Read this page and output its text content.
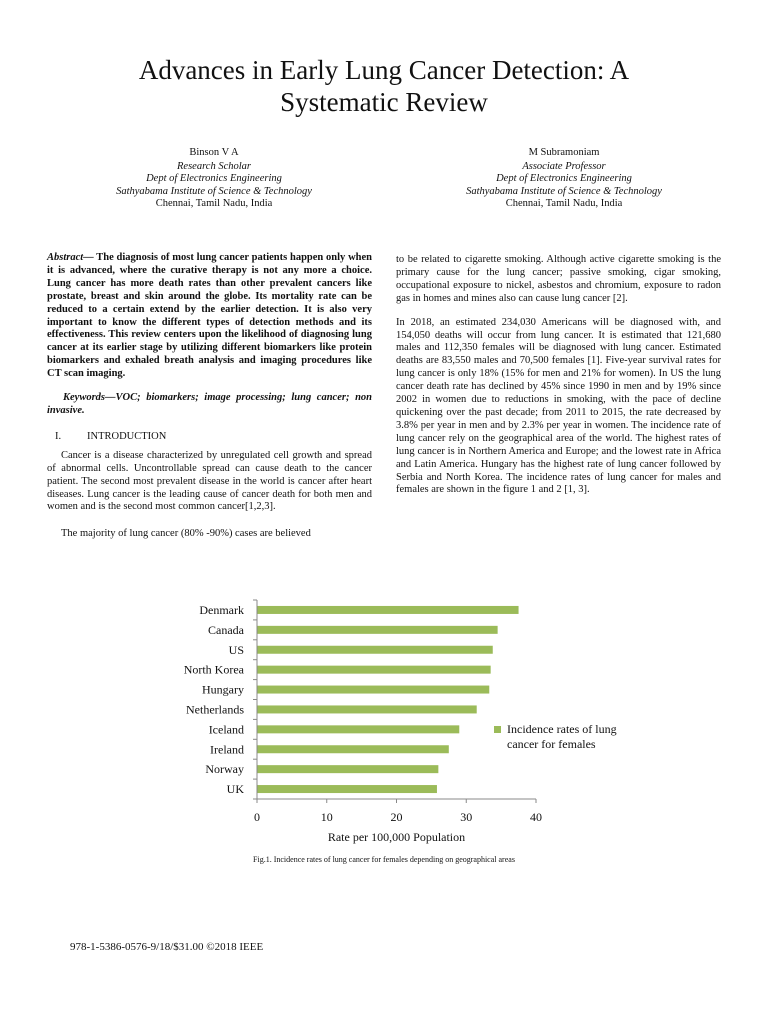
Advances in Early Lung Cancer Detection: A
Systematic Review
Binson V A
Research Scholar
Dept of Electronics Engineering
Sathyabama Institute of Science & Technology
Chennai, Tamil Nadu, India
M Subramoniam
Associate Professor
Dept of Electronics Engineering
Sathyabama Institute of Science & Technology
Chennai, Tamil Nadu, India

Abstract— The diagnosis of most lung cancer patients happen only when it is advanced, where the curative therapy is not any more a choice. Lung cancer has more death rates than other prevalent cancers like prostate, breast and skin around the globe. Its mortality rate can be reduced to a certain extend by the earlier detection. It is also very important to know the different types of detection methods and its effectiveness. This review centers upon the likelihood of diagnosing lung cancer at its earlier stage by utilizing different biomarkers like protein biomarkers and exhaled breath analysis and imaging procedures like CT scan imaging.

Keywords—VOC; biomarkers; image processing; lung cancer; non invasive.

I. INTRODUCTION

Cancer is a disease characterized by unregulated cell growth and spread of abnormal cells. Uncontrollable spread can cause death to the cancer patient. The second most prevalent disease in the world is cancer after heart diseases. Lung cancer is the leading cause of cancer death for both men and women and is the second most common cancer[1,2,3].

The majority of lung cancer (80% -90%) cases are believed

to be related to cigarette smoking. Although active cigarette smoking is the primary cause for the lung cancer; passive smoking, cigar smoking, occupational exposure to nickel, asbestos and chromium, exposure to radon gas in homes and mines also can cause lung cancer [2].

In 2018, an estimated 234,030 Americans will be diagnosed with, and 154,050 deaths will occur from lung cancer. It is estimated that 121,680 males and 112,350 females will be diagnosed with lung cancer. Estimated deaths are 83,550 males and 70,500 females [1]. Five-year survival rates for lung cancer is only 18% (15% for men and 21% for women). In US the lung cancer death rate has declined by 45% since 1990 in men and by 19% since 2002 in women due to reductions in smoking, with the pace of decline quickening over the past decade; from 2011 to 2015, the rate decreased by 3.8% per year in men and by 2.3% per year in women. The incidence rate of lung cancer rely on the geographical area of the world. The highest rates of lung cancer is in Northern America and Europe; and the lowest rate in Africa and Latin America. Hungary has the highest rate of lung cancer followed by Serbia and North Korea. The incidence rates of lung cancer for males and females are shown in the figure 1 and 2 [1, 3].

Denmark
Canada
US
North Korea
Hungary
Netherlands
Iceland
Ireland
Norway
UK
0	10	20	30	40
Rate per 100,000 Population
Incidence rates of lung
cancer for females
Fig.1. Incidence rates of lung cancer for females depending on geographical areas
978-1-5386-0576-9/18/$31.00 ©2018 IEEE
